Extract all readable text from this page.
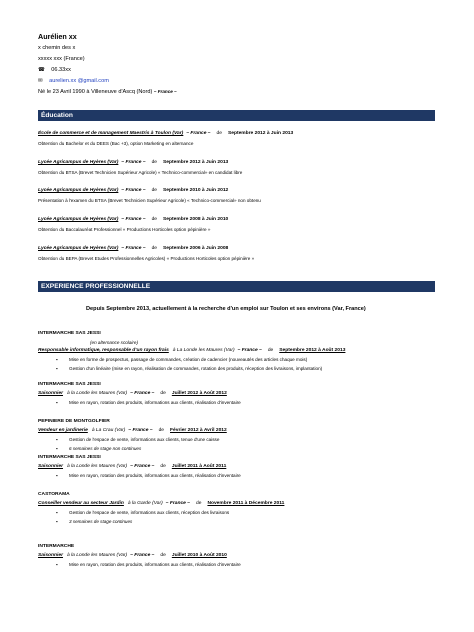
Aurélien xx
x chemin des x
xxxxx xxx (France)
☎ 06.33xx
✉ aurelien.xx @gmail.com
Né le 23 Avril 1990 à Villeneuve d'Ascq (Nord) – France –
Éducation
École de commerce et de management Maestris à Toulon (Var) – France – de Septembre 2012 à Juin 2013
Obtention du Bachelor et du DEES (Bac +3), option Marketing en alternance
Lycée Agricampus de Hyères (Var) – France – de Septembre 2012 à Juin 2013
Obtention du BTSA (Brevet Technicien Supérieur Agricole) « Technico-commercial» en candidat libre
Lycée Agricampus de Hyères (Var) – France – de Septembre 2010 à Juin 2012
Présentation à l'examen du BTSA (Brevet Technicien Supérieur Agricole) « Technico-commercial» non obtenu
Lycée Agricampus de Hyères (Var) – France – de Septembre 2008 à Juin 2010
Obtention du Baccalauréat Professionnel « Productions Horticoles option pépinière »
Lycée Agricampus de Hyères (Var) – France – de Septembre 2006 à Juin 2008
Obtention du BEPA (Brevet Etudes Professionnelles Agricoles) « Productions Horticoles option pépinière »
EXPERIENCE PROFESSIONNELLE
Depuis Septembre 2013, actuellement à la recherche d'un emploi sur Toulon et ses environs (Var, France)
INTERMARCHE SAS JESSI
(en alternance scolaire)
Responsable informatique, responsable d'un rayon frais à La Londe les Maures (Var) – France – de Septembre 2012 à Août 2013
▪ Mise en forme de prospectus, passage de commandes, création de cadencier (nouveautés des articles chaque mois)
▪ Gestion d'un linéaire (mise en rayon, réalisation de commandes, rotation des produits, réception des livraisons, implantation)
INTERMARCHE SAS JESSI
Saisonnier à la Londe les Maures (Var) – France – de Juillet 2012 à Août 2012
▪ Mise en rayon, rotation des produits, informations aux clients, réalisation d'inventaire
PEPINIERE DE MONTGOLFIER
Vendeur en jardinerie à La Crau (Var) – France – de Février 2012 à Avril 2012
▪ Gestion de l'espace de vente, informations aux clients, tenue d'une caisse
▪ 6 semaines de stage non continues
INTERMARCHE SAS JESSI
Saisonnier à la Londe les Maures (Var) – France – de Juillet 2011 à Août 2011
▪ Mise en rayon, rotation des produits, informations aux clients, réalisation d'inventaire
CASTORAMA
Conseiller vendeur au secteur Jardin à la Garde (Var) – France – de Novembre 2011 à Décembre 2011
▪ Gestion de l'espace de vente, informations aux clients, réception des livraisons
▪ 3 semaines de stage continues
INTERMARCHE
Saisonnier à la Londe les Maures (Var) – France – de Juillet 2010 à Août 2010
▪ Mise en rayon, rotation des produits, informations aux clients, réalisation d'inventaire
